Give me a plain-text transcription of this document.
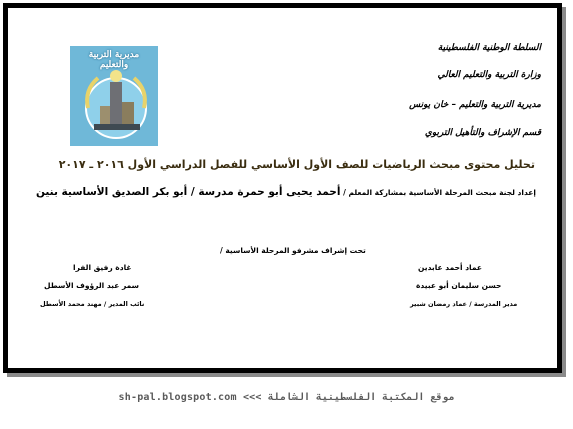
مديرية التربية والتعليم
السلطة الوطنية الفلسطينية
وزارة التربية والتعليم العالي
مديرية التربية والتعليم – خان يونس
قسم الإشراف والتأهيل التربوي
تحليل محتوى مبحث الرياضيات للصف الأول الأساسي للفصل الدراسي الأول ٢٠١٦ ـ ٢٠١٧
إعداد لجنة مبحث المرحلة الأساسية بمشاركة المعلم / أحمد يحيى أبو حمرة مدرسة / أبو بكر الصديق الأساسية بنين
تحت إشراف مشرفو المرحلة الأساسية /
عماد أحمد عابدين
حسن سليمان أبو عبيدة
غادة رفيق الفرا
سمر عبد الرؤوف الأسطل
مدير المدرسة / عماد رمضان شبير
نائب المدير / مهند محمد الأسطل
sh-pal.blogspot.com <<< موقع المكتبة الفلسطينية الشاملة
